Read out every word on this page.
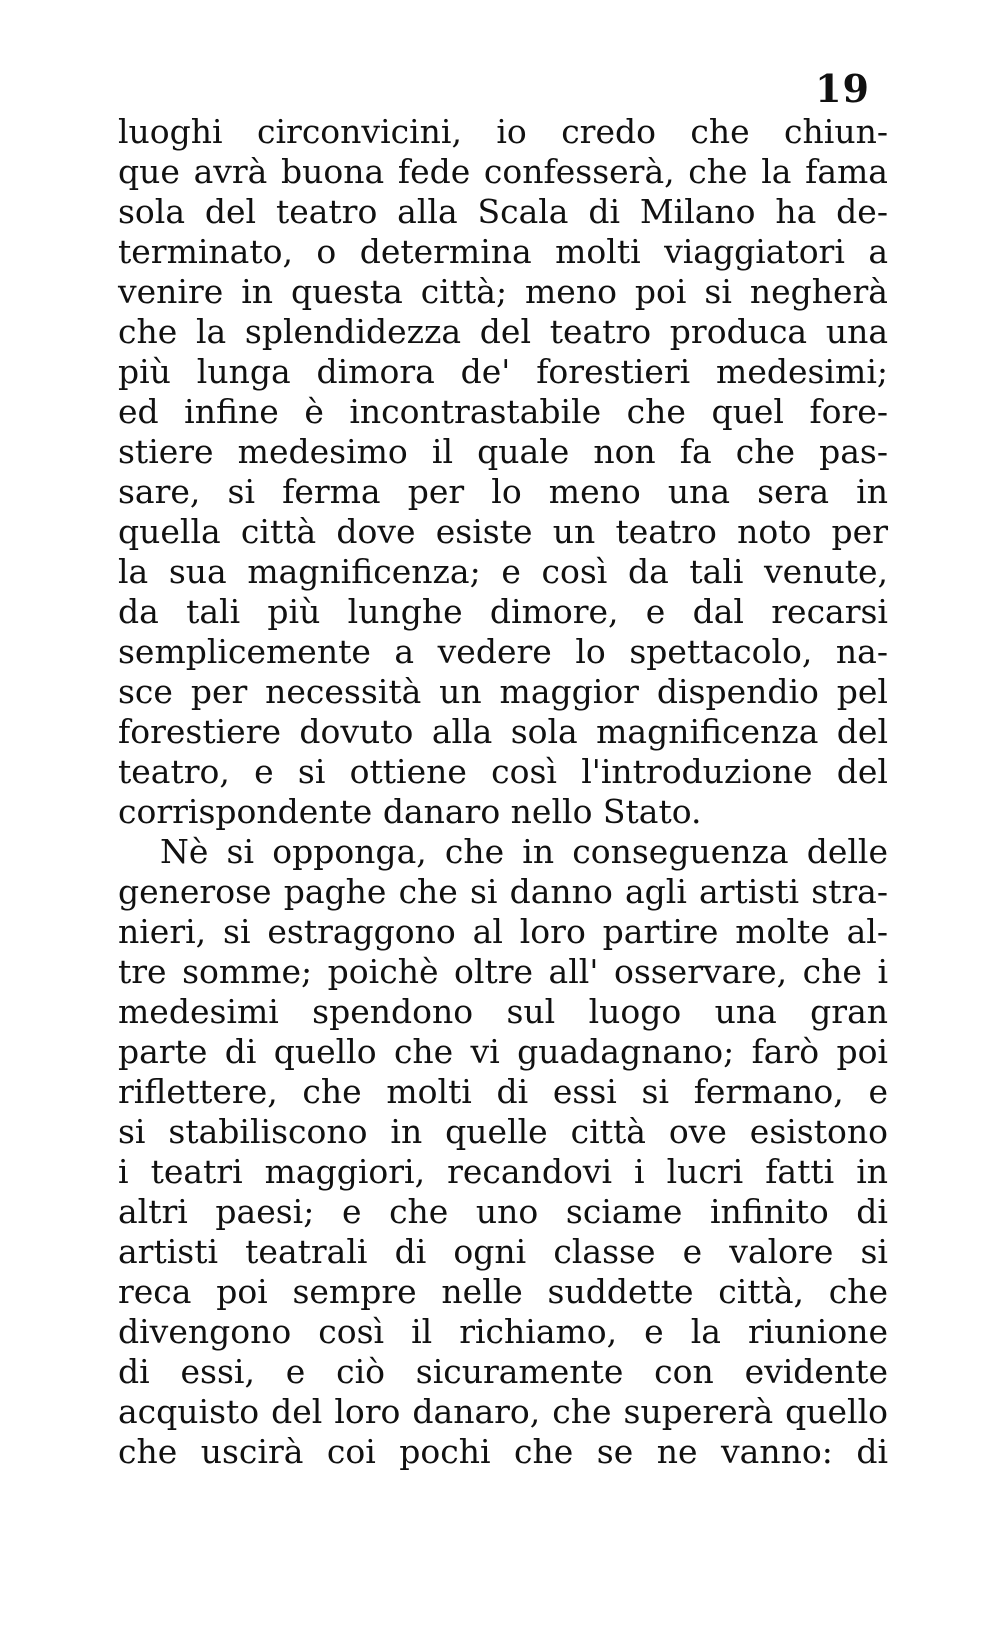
19
luoghi circonvicini, io credo che chiun-
que avrà buona fede confesserà, che la fama
sola del teatro alla Scala di Milano ha de-
terminato, o determina molti viaggiatori a
venire in questa città; meno poi si negherà
che la splendidezza del teatro produca una
più lunga dimora de' forestieri medesimi;
ed infine è incontrastabile che quel fore-
stiere medesimo il quale non fa che pas-
sare, si ferma per lo meno una sera in
quella città dove esiste un teatro noto per
la sua magnificenza; e così da tali venute,
da tali più lunghe dimore, e dal recarsi
semplicemente a vedere lo spettacolo, na-
sce per necessità un maggior dispendio pel
forestiere dovuto alla sola magnificenza del
teatro, e si ottiene così l'introduzione del
corrispondente danaro nello Stato.
Nè si opponga, che in conseguenza delle
generose paghe che si danno agli artisti stra-
nieri, si estraggono al loro partire molte al-
tre somme; poichè oltre all' osservare, che i
medesimi spendono sul luogo una gran
parte di quello che vi guadagnano; farò poi
riflettere, che molti di essi si fermano, e
si stabiliscono in quelle città ove esistono
i teatri maggiori, recandovi i lucri fatti in
altri paesi; e che uno sciame infinito di
artisti teatrali di ogni classe e valore si
reca poi sempre nelle suddette città, che
divengono così il richiamo, e la riunione
di essi, e ciò sicuramente con evidente
acquisto del loro danaro, che supererà quello
che uscirà coi pochi che se ne vanno: di
